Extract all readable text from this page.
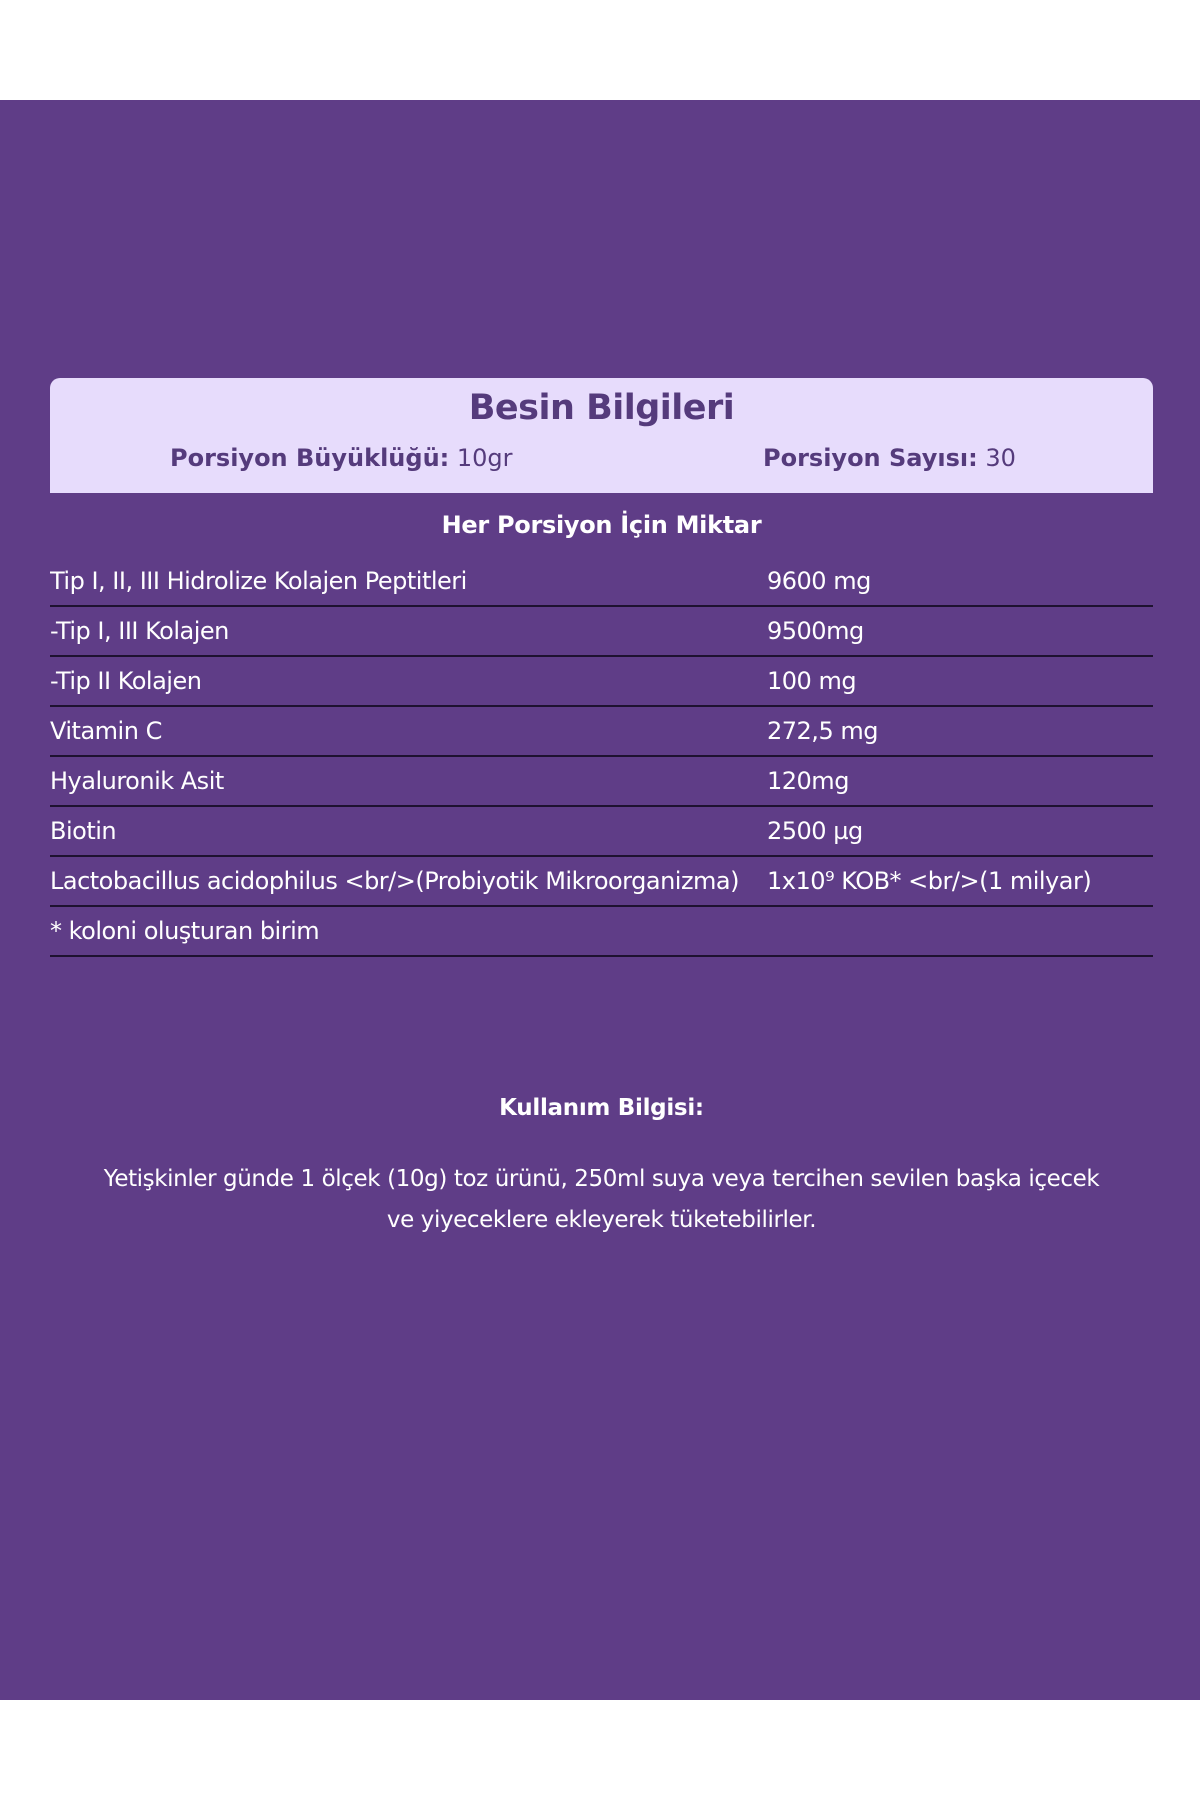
Besin Bilgileri
Porsiyon Büyüklüğü: 10gr	Porsiyon Sayısı: 30
Her Porsiyon İçin Miktar
Tip I, II, III Hidrolize Kolajen Peptitleri	9600 mg
-Tip I, III Kolajen	9500mg
-Tip II Kolajen	100 mg
Vitamin C	272,5 mg
Hyaluronik Asit	120mg
Biotin	2500 µg
Lactobacillus acidophilus <br/>(Probiyotik Mikroorganizma)	1x10⁹ KOB* <br/>(1 milyar)
* koloni oluşturan birim
Kullanım Bilgisi:

Yetişkinler günde 1 ölçek (10g) toz ürünü, 250ml suya veya tercihen sevilen başka içecek ve yiyeceklere ekleyerek tüketebilirler.
